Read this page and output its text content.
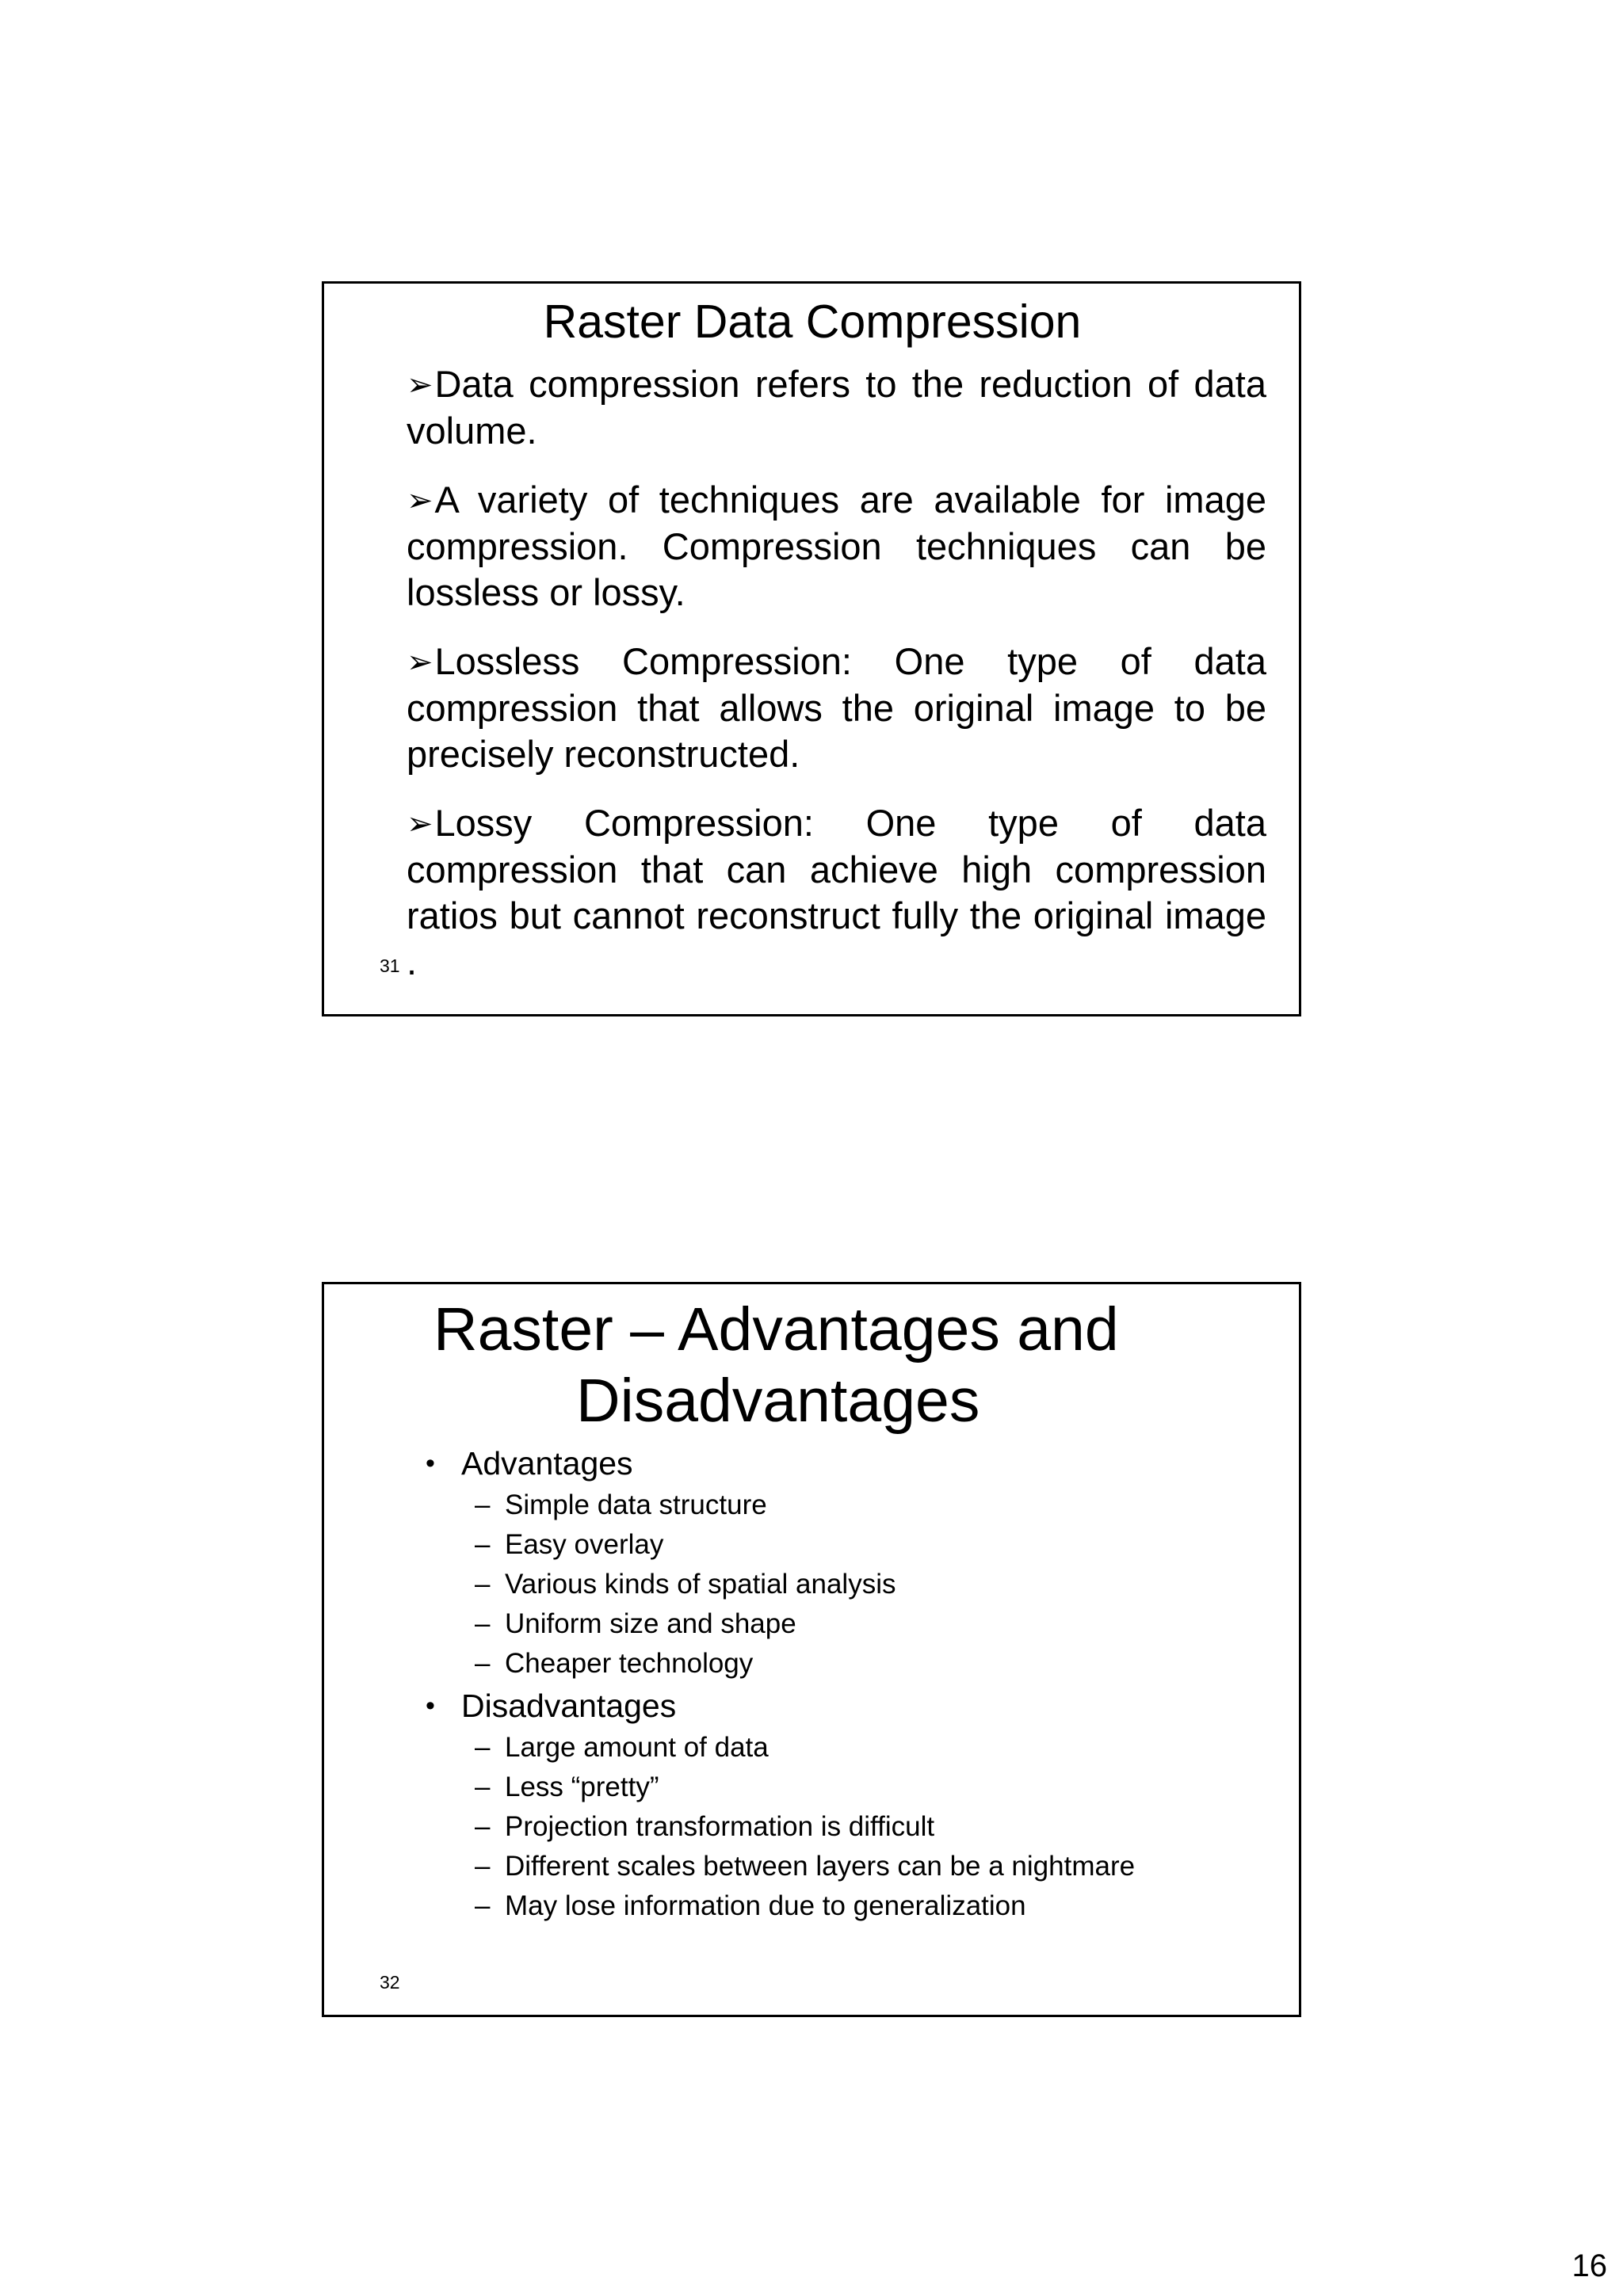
Raster Data Compression

➢Data compression refers to the reduction of data volume.

➢A variety of techniques are available for image compression. Compression techniques can be lossless or lossy.

➢Lossless Compression: One type of data compression that allows the original image to be precisely reconstructed.

➢Lossy Compression: One type of data compression that can achieve high compression ratios but cannot reconstruct fully the original image .

31
Raster – Advantages and
Disadvantages
• Advantages
– Simple data structure
– Easy overlay
– Various kinds of spatial analysis
– Uniform size and shape
– Cheaper technology
• Disadvantages
– Large amount of data
– Less “pretty”
– Projection transformation is difficult
– Different scales between layers can be a nightmare
– May lose information due to generalization
32
16
